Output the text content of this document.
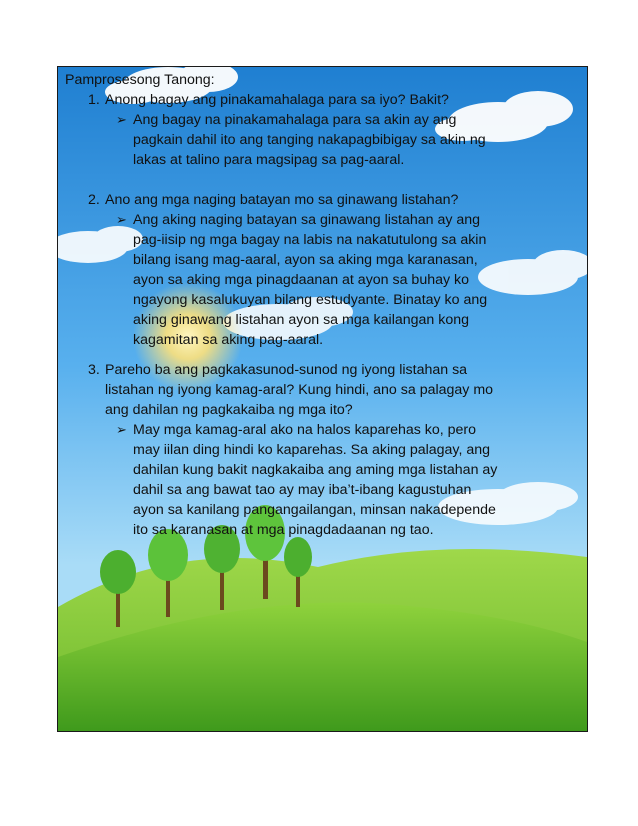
Pamprosesong Tanong:
1. Anong bagay ang pinakamahalaga para sa iyo? Bakit?
➢ Ang bagay na pinakamahalaga para sa akin ay ang
pagkain dahil ito ang tanging nakapagbibigay sa akin ng
lakas at talino para magsipag sa pag-aaral.
2. Ano ang mga naging batayan mo sa ginawang listahan?
➢ Ang aking naging batayan sa ginawang listahan ay ang
pag-iisip ng mga bagay na labis na nakatutulong sa akin
bilang isang mag-aaral, ayon sa aking mga karanasan,
ayon sa aking mga pinagdaanan at ayon sa buhay ko
ngayong kasalukuyan bilang estudyante. Binatay ko ang
aking ginawang listahan ayon sa mga kailangan kong
kagamitan sa aking pag-aaral.
3. Pareho ba ang pagkakasunod-sunod ng iyong listahan sa
listahan ng iyong kamag-aral? Kung hindi, ano sa palagay mo
ang dahilan ng pagkakaiba ng mga ito?
➢ May mga kamag-aral ako na halos kaparehas ko, pero
may iilan ding hindi ko kaparehas. Sa aking palagay, ang
dahilan kung bakit nagkakaiba ang aming mga listahan ay
dahil sa ang bawat tao ay may iba’t-ibang kagustuhan
ayon sa kanilang pangangailangan, minsan nakadepende
ito sa karanasan at mga pinagdadaanan ng tao.
